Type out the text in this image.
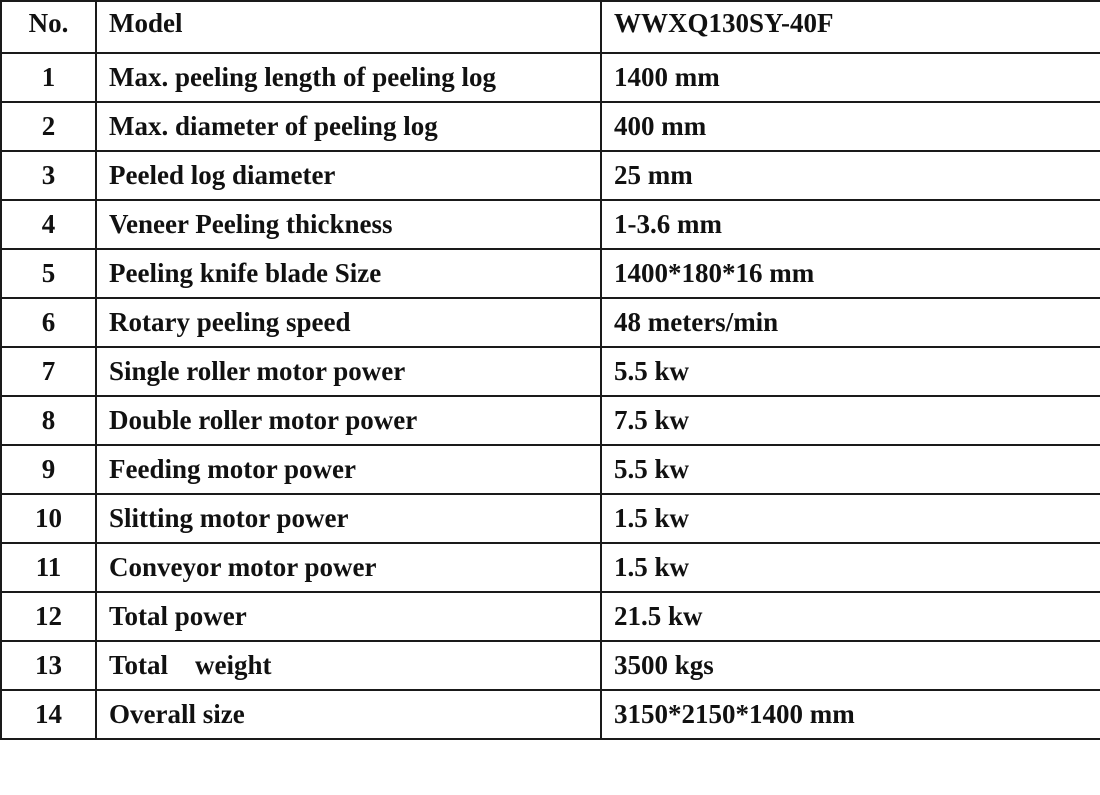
No.	Model	WWXQ130SY-40F
1	Max. peeling length of peeling log	1400 mm
2	Max. diameter of peeling log	400 mm
3	Peeled log diameter	25 mm
4	Veneer Peeling thickness	1-3.6 mm
5	Peeling knife blade Size	1400*180*16 mm
6	Rotary peeling speed	48 meters/min
7	Single roller motor power	5.5 kw
8	Double roller motor power	7.5 kw
9	Feeding motor power	5.5 kw
10	Slitting motor power	1.5 kw
11	Conveyor motor power	1.5 kw
12	Total power	21.5 kw
13	Total    weight	3500 kgs
14	Overall size	3150*2150*1400 mm
